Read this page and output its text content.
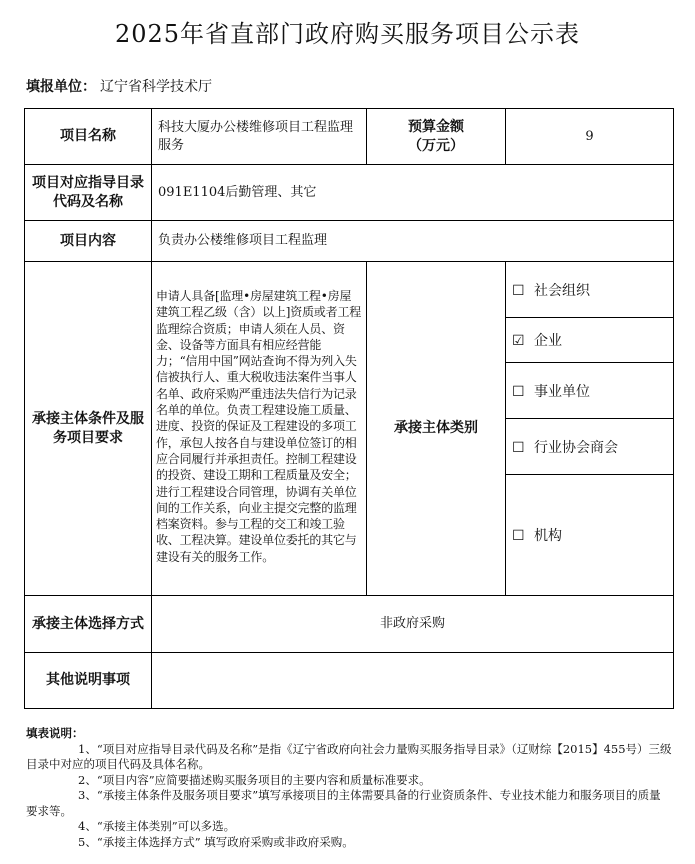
2025年省直部门政府购买服务项目公示表
填报单位： 辽宁省科学技术厅
项目名称	科技大厦办公楼维修项目工程监理服务	预算金额
（万元）	9
项目对应指导目录代码及名称	091E1104后勤管理、其它		
项目内容	负责办公楼维修项目工程监理		
承接主体条件及服务项目要求	申请人具备[监理•房屋建筑工程•房屋建筑工程乙级（含）以上]资质或者工程监理综合资质；申请人须在人员、资金、设备等方面具有相应经营能力；“信用中国”网站查询不得为列入失信被执行人、重大税收违法案件当事人名单、政府采购严重违法失信行为记录名单的单位。负责工程建设施工质量、进度、投资的保证及工程建设的多项工作，承包人按各自与建设单位签订的相应合同履行并承担责任。控制工程建设的投资、建设工期和工程质量及安全；进行工程建设合同管理，协调有关单位间的工作关系，向业主提交完整的监理档案资料。参与工程的交工和竣工验收、工程决算。建设单位委托的其它与建设有关的服务工作。	承接主体类别	☐ 社会组织
			☑ 企业
			☐ 事业单位
			☐ 行业协会商会
			☐ 机构
承接主体选择方式	非政府采购		
其他说明事项			

填表说明：

1、“项目对应指导目录代码及名称”是指《辽宁省政府向社会力量购买服务指导目录》（辽财综【2015】455号）三级目录中对应的项目代码及具体名称。

2、“项目内容”应简要描述购买服务项目的主要内容和质量标准要求。

3、“承接主体条件及服务项目要求”填写承接项目的主体需要具备的行业资质条件、专业技术能力和服务项目的质量要求等。

4、“承接主体类别”可以多选。

5、“承接主体选择方式” 填写政府采购或非政府采购。
